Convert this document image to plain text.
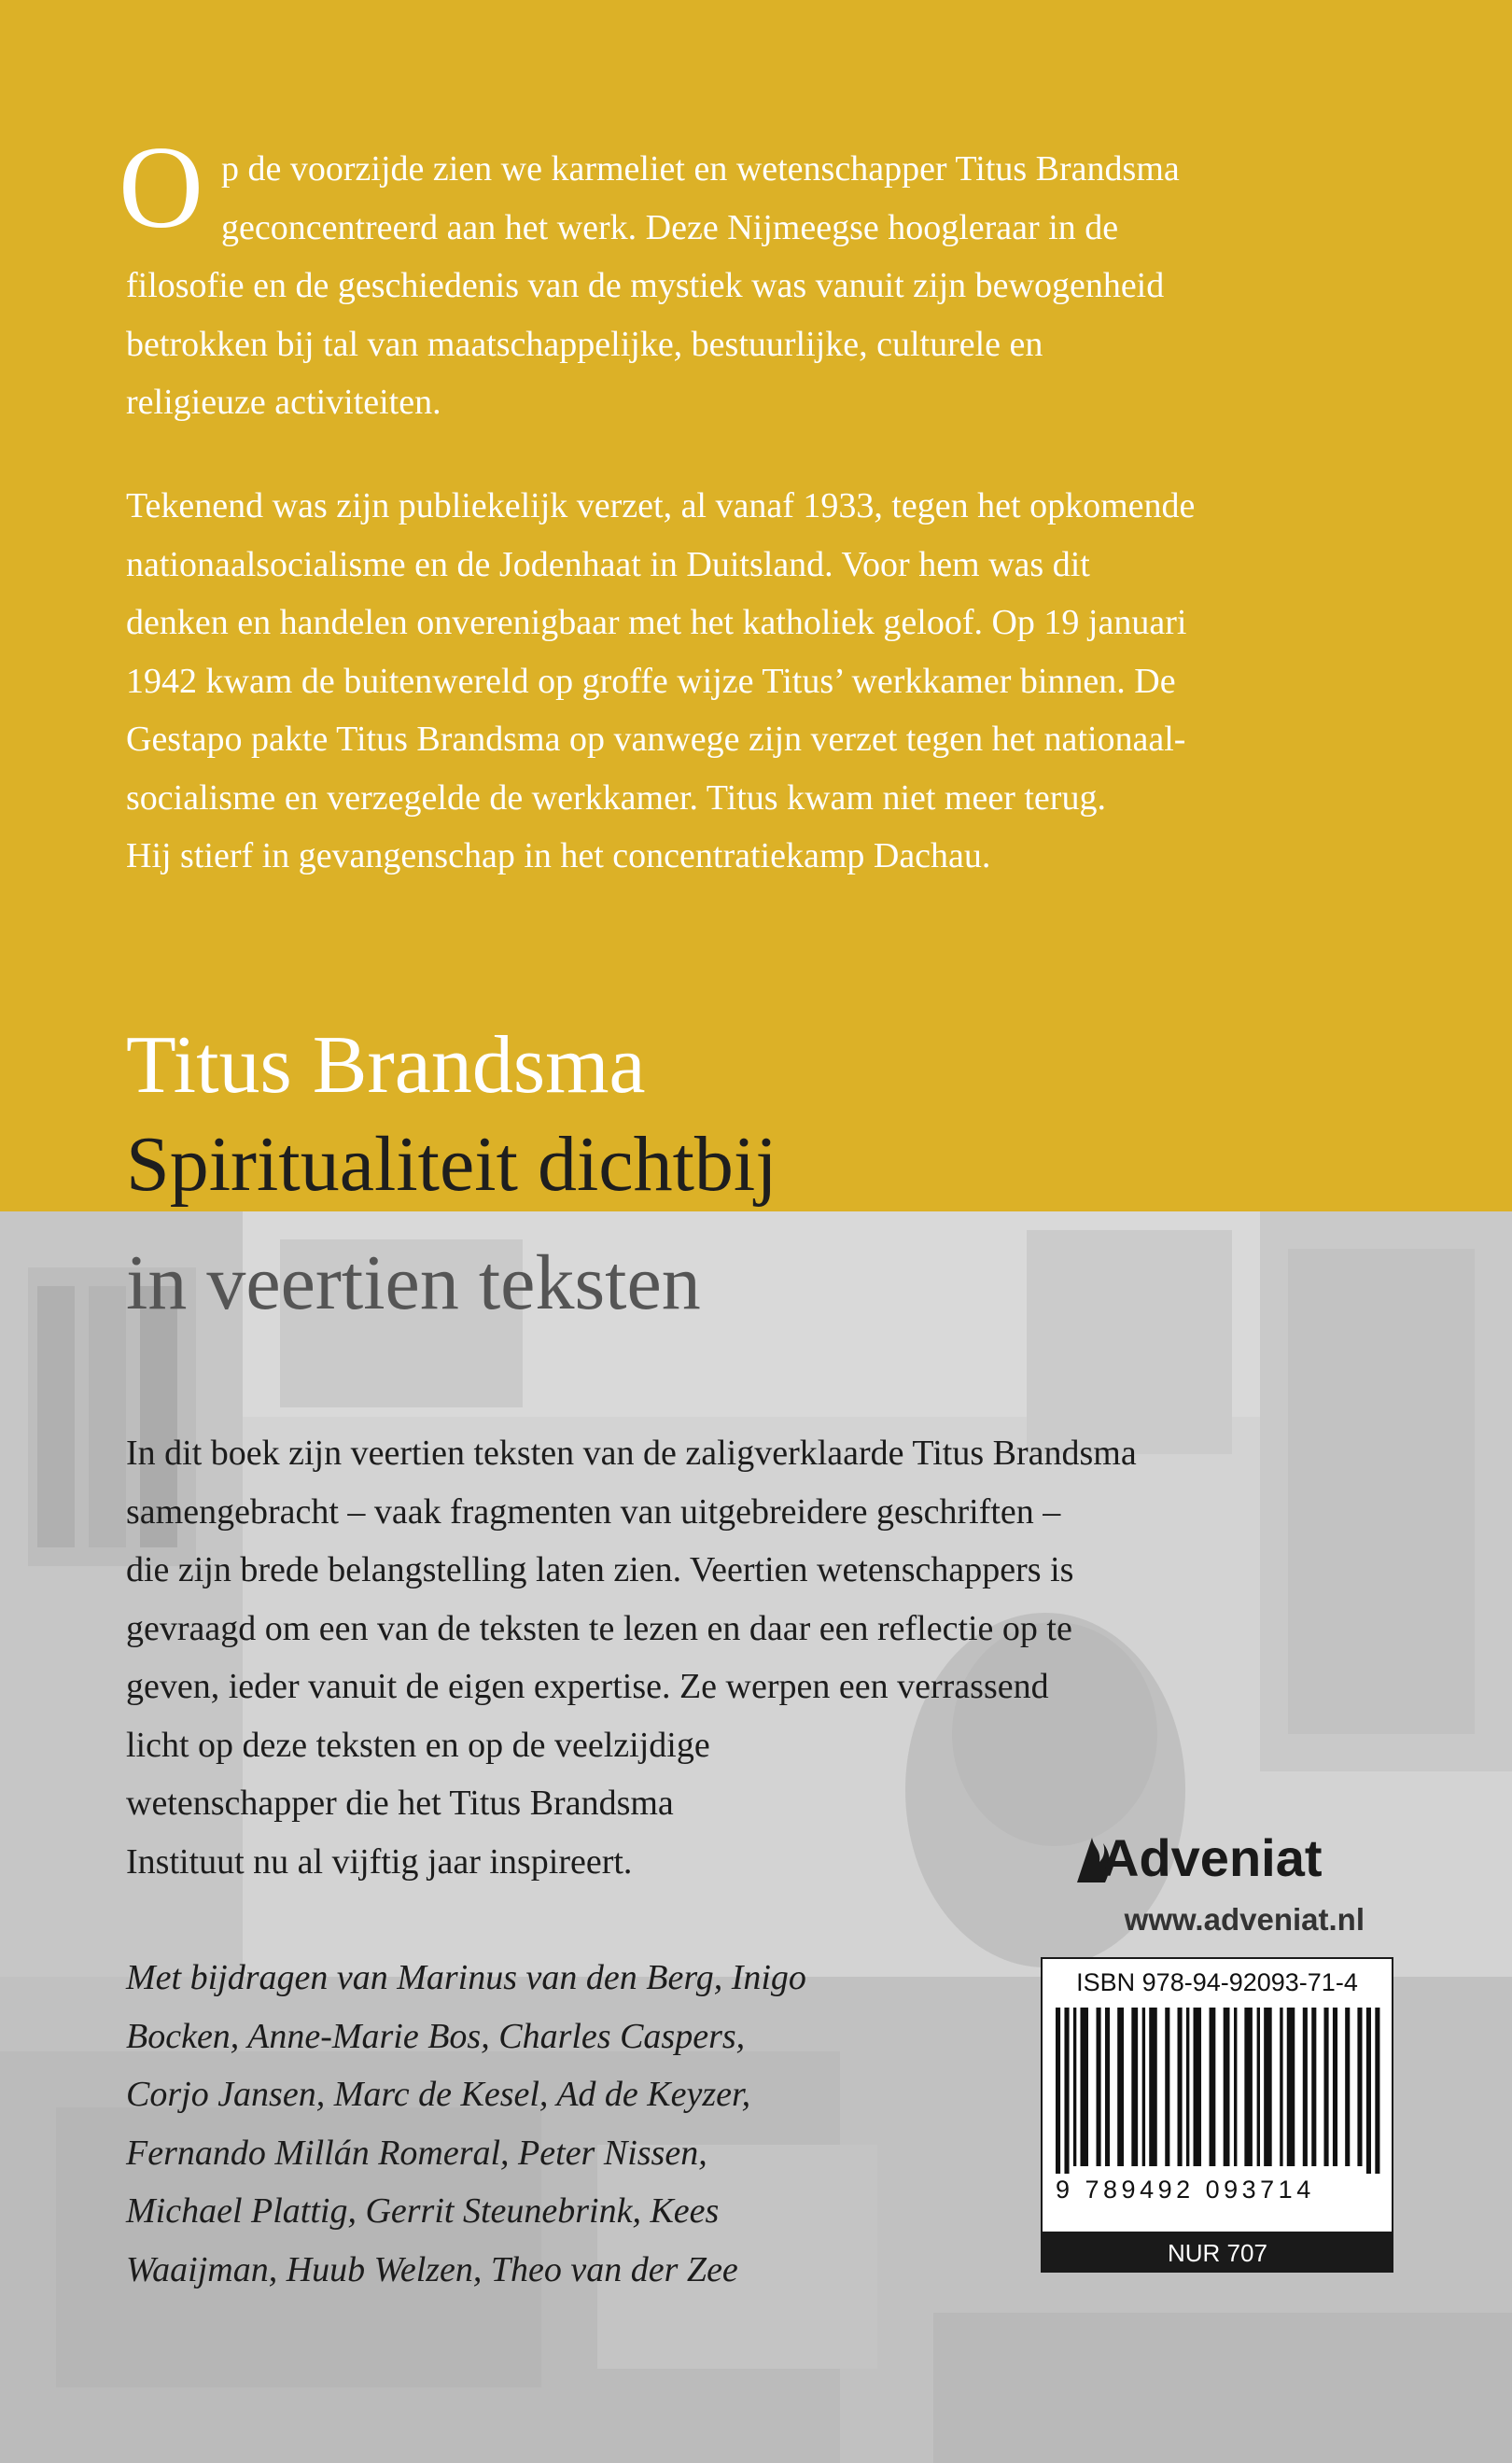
O p de voorzijde zien we karmeliet en wetenschapper Titus Brandsma
geconcentreerd aan het werk. Deze Nijmeegse hoogleraar in de
filosofie en de geschiedenis van de mystiek was vanuit zijn bewogenheid
betrokken bij tal van maatschappelijke, bestuurlijke, culturele en
religieuze activiteiten.
Tekenend was zijn publiekelijk verzet, al vanaf 1933, tegen het opkomende
nationaalsocialisme en de Jodenhaat in Duitsland. Voor hem was dit
denken en handelen onverenigbaar met het katholiek geloof. Op 19 januari
1942 kwam de buitenwereld op groffe wijze Titus’ werkkamer binnen. De
Gestapo pakte Titus Brandsma op vanwege zijn verzet tegen het nationaal-
socialisme en verzegelde de werkkamer. Titus kwam niet meer terug.
Hij stierf in gevangenschap in het concentratiekamp Dachau.
Titus Brandsma
Spiritualiteit dichtbij
in veertien teksten
In dit boek zijn veertien teksten van de zaligverklaarde Titus Brandsma
samengebracht – vaak fragmenten van uitgebreidere geschriften –
die zijn brede belangstelling laten zien. Veertien wetenschappers is
gevraagd om een van de teksten te lezen en daar een reflectie op te
geven, ieder vanuit de eigen expertise. Ze werpen een verrassend
licht op deze teksten en op de veelzijdige
wetenschapper die het Titus Brandsma
Instituut nu al vijftig jaar inspireert.
Met bijdragen van Marinus van den Berg, Inigo
Bocken, Anne-Marie Bos, Charles Caspers,
Corjo Jansen, Marc de Kesel, Ad de Keyzer,
Fernando Millán Romeral, Peter Nissen,
Michael Plattig, Gerrit Steunebrink, Kees
Waaijman, Huub Welzen, Theo van der Zee
Adveniat
www.adveniat.nl
ISBN 978-94-92093-71-4
9 789492 093714
NUR 707
